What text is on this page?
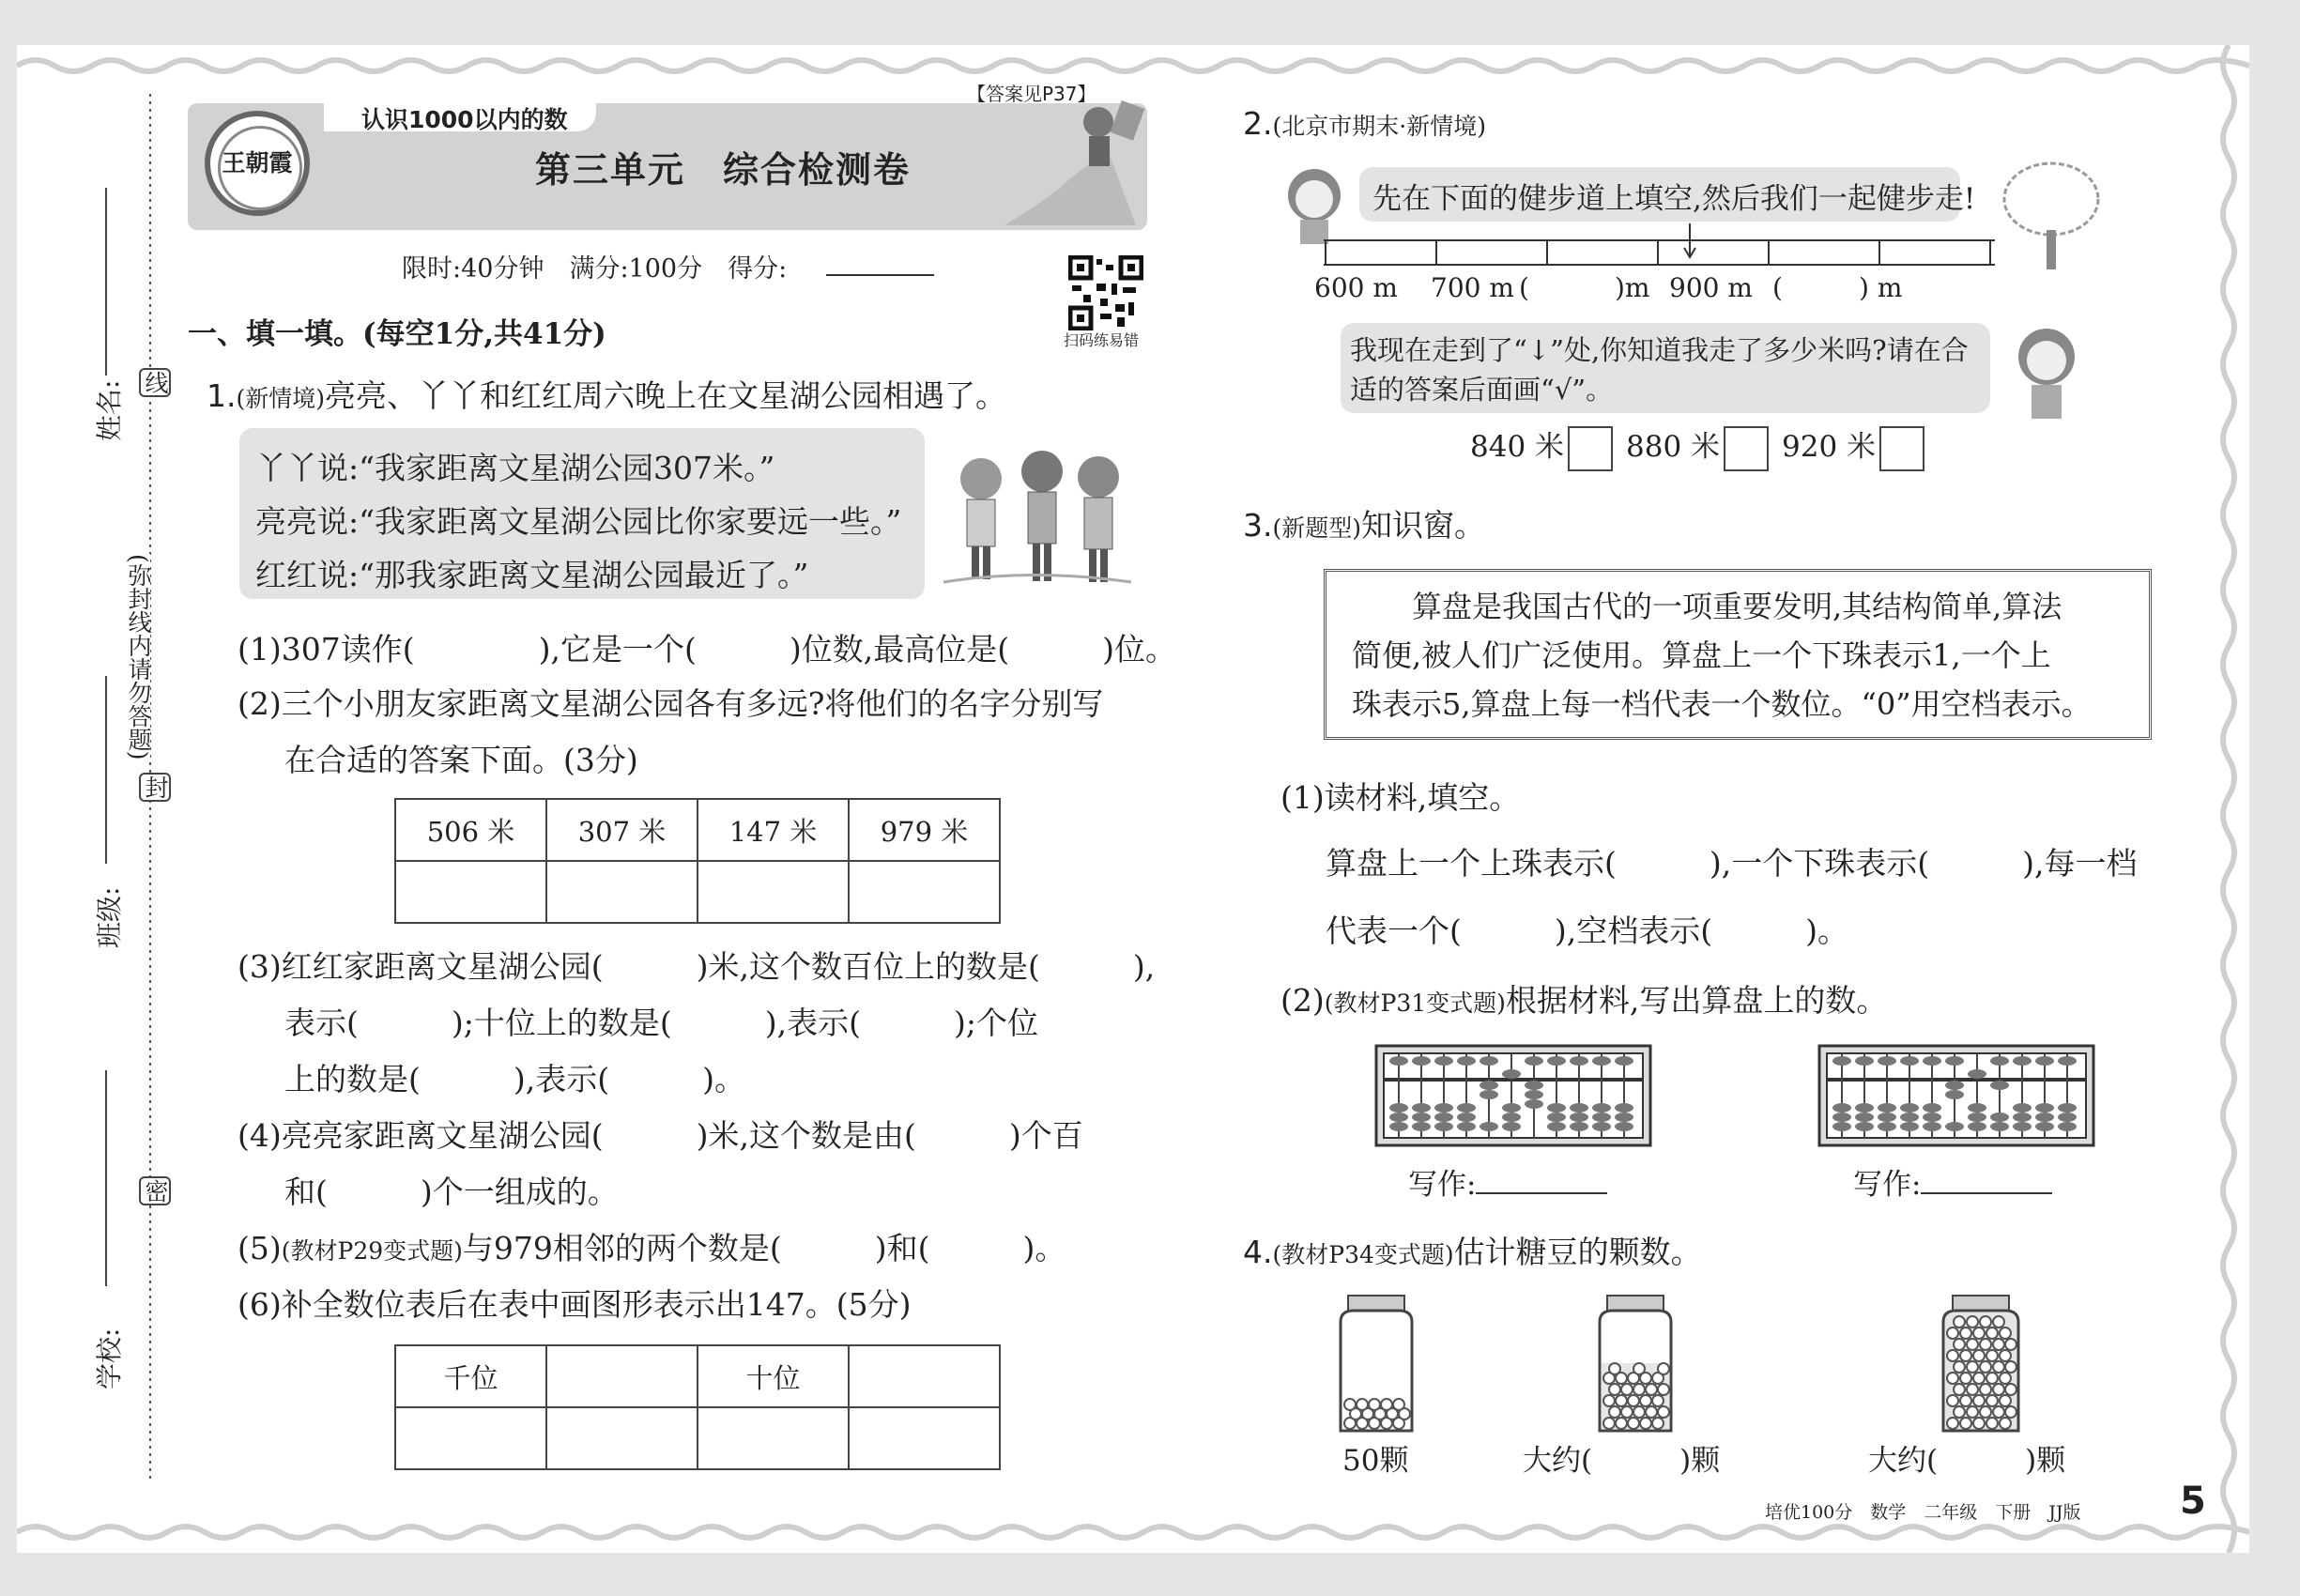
姓名:
班级:
学校:
线
封
密
(弥封线内请勿答题)
认识1000以内的数
王朝霞	第三单元　综合检测卷
【答案见P37】
限时:40分钟　满分:100分　得分:
扫码练易错
一、填一填。(每空1分,共41分)
1.(新情境)亮亮、丫丫和红红周六晚上在文星湖公园相遇了。
丫丫说:“我家距离文星湖公园307米。”
亮亮说:“我家距离文星湖公园比你家要远一些。”
红红说:“那我家距离文星湖公园最近了。”
(1)307读作(　　　　),它是一个(　　　)位数,最高位是(　　　)位。
(2)三个小朋友家距离文星湖公园各有多远?将他们的名字分别写
在合适的答案下面。(3分)
506 米	307 米	147 米	979 米

(3)红红家距离文星湖公园(　　　)米,这个数百位上的数是(　　　),
表示(　　　);十位上的数是(　　　),表示(　　　);个位
上的数是(　　　),表示(　　　)。
(4)亮亮家距离文星湖公园(　　　)米,这个数是由(　　　)个百
和(　　　)个一组成的。
(5)(教材P29变式题)与979相邻的两个数是(　　　)和(　　　)。
(6)补全数位表后在表中画图形表示出147。(5分)
千位		十位	

2.(北京市期末·新情境)
先在下面的健步道上填空,然后我们一起健步走!
600 m 700 m (	)m 900 m (	) m
我现在走到了“↓”处,你知道我走了多少米吗?请在合
适的答案后面画“√”。
840 米	880 米	920 米
3.(新题型)知识窗。
算盘是我国古代的一项重要发明,其结构简单,算法
简便,被人们广泛使用。算盘上一个下珠表示1,一个上
珠表示5,算盘上每一档代表一个数位。“0”用空档表示。
(1)读材料,填空。
算盘上一个上珠表示(　　　),一个下珠表示(　　　),每一档
代表一个(　　　),空档表示(　　　)。
(2)(教材P31变式题)根据材料,写出算盘上的数。
写作:	写作:
4.(教材P34变式题)估计糖豆的颗数。
50颗	大约(　　　)颗	大约(　　　)颗
培优100分　数学　二年级　下册　JJ版	5
